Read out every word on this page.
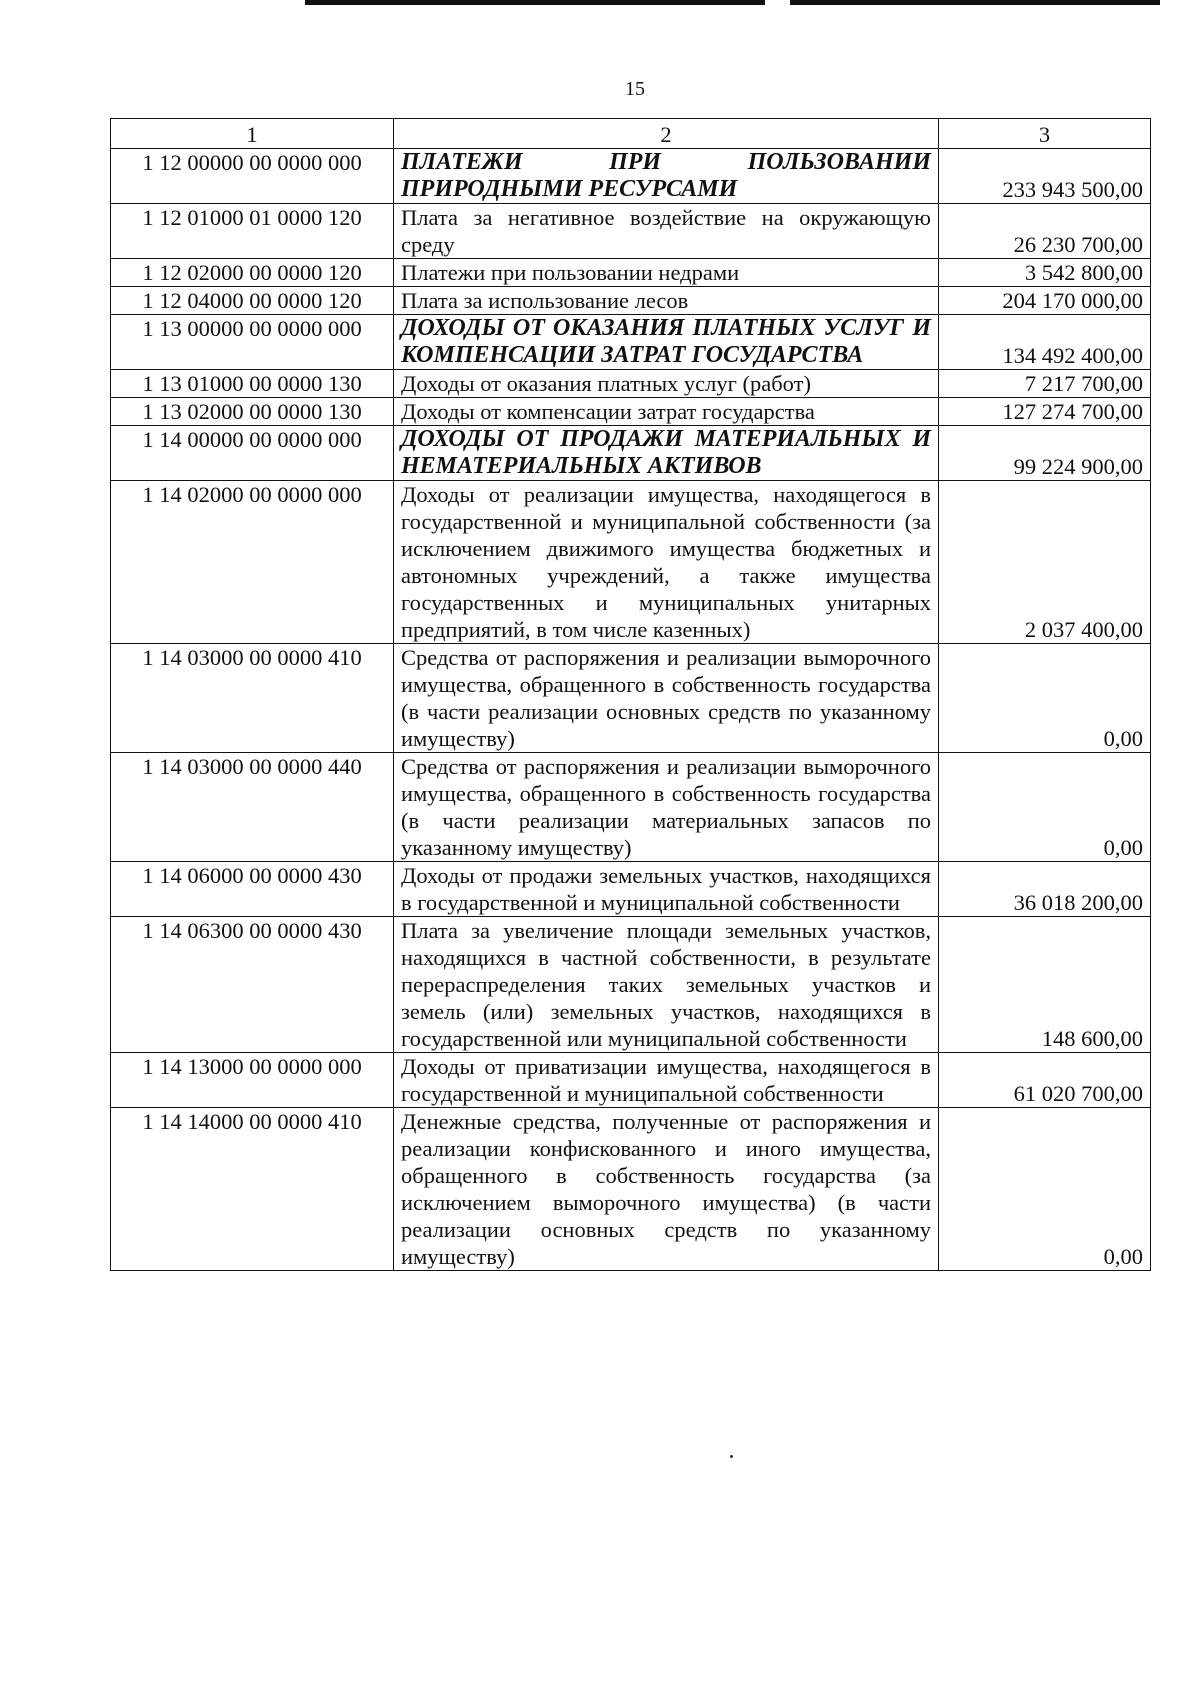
15
1	2	3
1 12 00000 00 0000 000	ПЛАТЕЖИ ПРИ ПОЛЬЗОВАНИИ ПРИРОДНЫМИ РЕСУРСАМИ	233 943 500,00
1 12 01000 01 0000 120	Плата за негативное воздействие на окружающую среду	26 230 700,00
1 12 02000 00 0000 120	Платежи при пользовании недрами	3 542 800,00
1 12 04000 00 0000 120	Плата за использование лесов	204 170 000,00
1 13 00000 00 0000 000	ДОХОДЫ ОТ ОКАЗАНИЯ ПЛАТНЫХ УСЛУГ И КОМПЕНСАЦИИ ЗАТРАТ ГОСУДАРСТВА	134 492 400,00
1 13 01000 00 0000 130	Доходы от оказания платных услуг (работ)	7 217 700,00
1 13 02000 00 0000 130	Доходы от компенсации затрат государства	127 274 700,00
1 14 00000 00 0000 000	ДОХОДЫ ОТ ПРОДАЖИ МАТЕРИАЛЬНЫХ И НЕМАТЕРИАЛЬНЫХ АКТИВОВ	99 224 900,00
1 14 02000 00 0000 000	Доходы от реализации имущества, находящегося в государственной и муниципальной собственности (за исключением движимого имущества бюджетных и автономных учреждений, а также имущества государственных и муниципальных унитарных предприятий, в том числе казенных)	2 037 400,00
1 14 03000 00 0000 410	Средства от распоряжения и реализации выморочного имущества, обращенного в собственность государства (в части реализации основных средств по указанному имуществу)	0,00
1 14 03000 00 0000 440	Средства от распоряжения и реализации выморочного имущества, обращенного в собственность государства (в части реализации материальных запасов по указанному имуществу)	0,00
1 14 06000 00 0000 430	Доходы от продажи земельных участков, находящихся в государственной и муниципальной собственности	36 018 200,00
1 14 06300 00 0000 430	Плата за увеличение площади земельных участков, находящихся в частной собственности, в результате перераспределения таких земельных участков и земель (или) земельных участков, находящихся в государственной или муниципальной собственности	148 600,00
1 14 13000 00 0000 000	Доходы от приватизации имущества, находящегося в государственной и муниципальной собственности	61 020 700,00
1 14 14000 00 0000 410	Денежные средства, полученные от распоряжения и реализации конфискованного и иного имущества, обращенного в собственность государства (за исключением выморочного имущества) (в части реализации основных средств по указанному имуществу)	0,00
